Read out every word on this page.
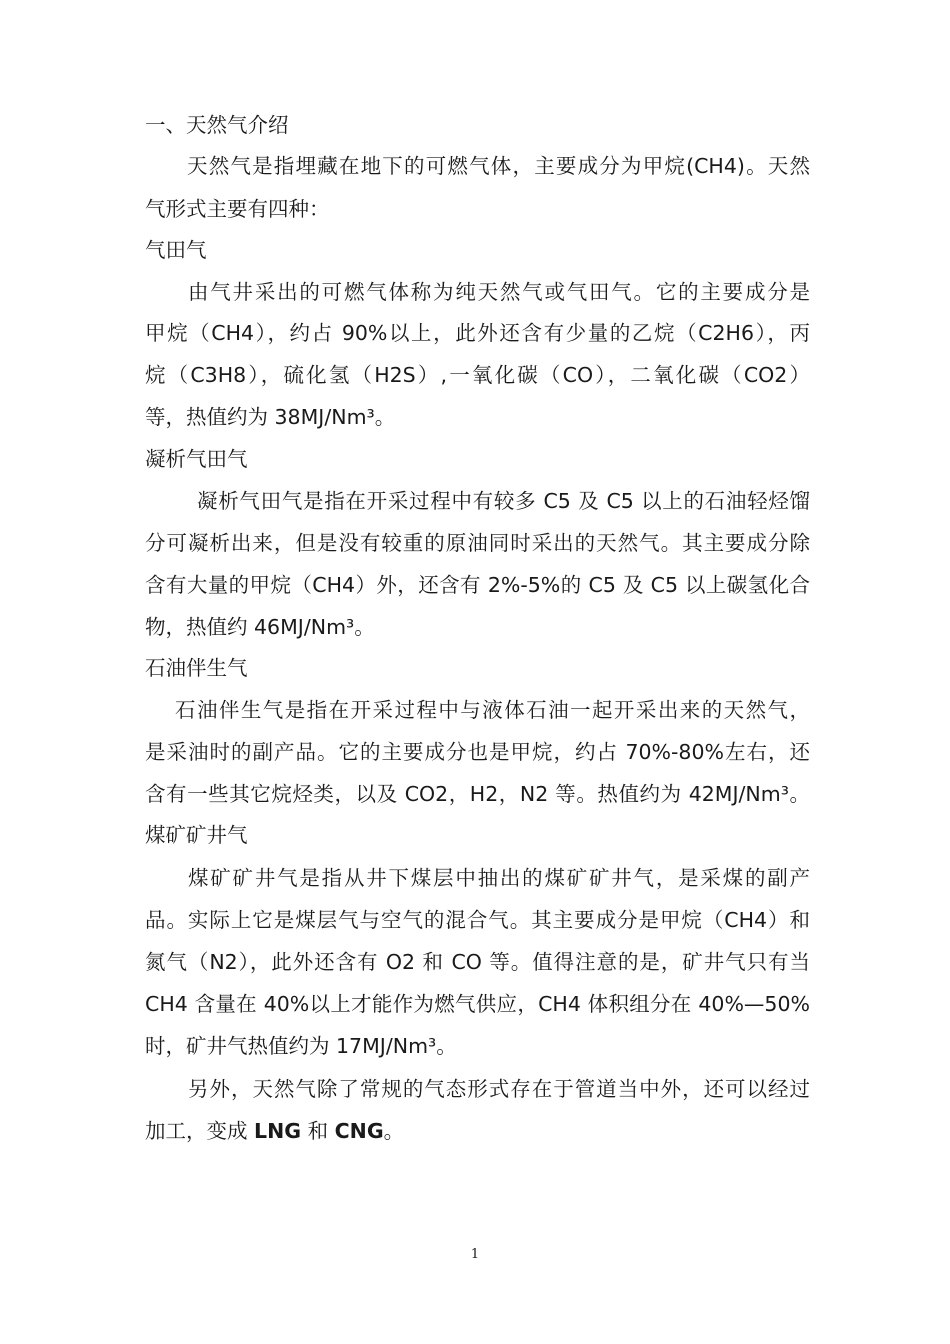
一、天然气介绍
天然气是指埋藏在地下的可燃气体，主要成分为甲烷(CH4)。天然
气形式主要有四种：
气田气
由气井采出的可燃气体称为纯天然气或气田气。它的主要成分是
甲烷（CH4），约占 90%以上，此外还含有少量的乙烷（C2H6），丙
烷（C3H8），硫化氢（H2S）,一氧化碳（CO），二氧化碳（CO2）
等，热值约为 38MJ/Nm³。
凝析气田气
凝析气田气是指在开采过程中有较多 C5 及 C5 以上的石油轻烃馏
分可凝析出来，但是没有较重的原油同时采出的天然气。其主要成分除
含有大量的甲烷（CH4）外，还含有 2%-5%的 C5 及 C5 以上碳氢化合
物，热值约 46MJ/Nm³。
石油伴生气
石油伴生气是指在开采过程中与液体石油一起开采出来的天然气，
是采油时的副产品。它的主要成分也是甲烷，约占 70%-80%左右，还
含有一些其它烷烃类，以及 CO2，H2，N2 等。热值约为 42MJ/Nm³。
煤矿矿井气
煤矿矿井气是指从井下煤层中抽出的煤矿矿井气，是采煤的副产
品。实际上它是煤层气与空气的混合气。其主要成分是甲烷（CH4）和
氮气（N2），此外还含有 O2 和 CO 等。值得注意的是，矿井气只有当
CH4 含量在 40%以上才能作为燃气供应，CH4 体积组分在 40%—50%
时，矿井气热值约为 17MJ/Nm³。
另外，天然气除了常规的气态形式存在于管道当中外，还可以经过
加工，变成 LNG 和 CNG。
1
